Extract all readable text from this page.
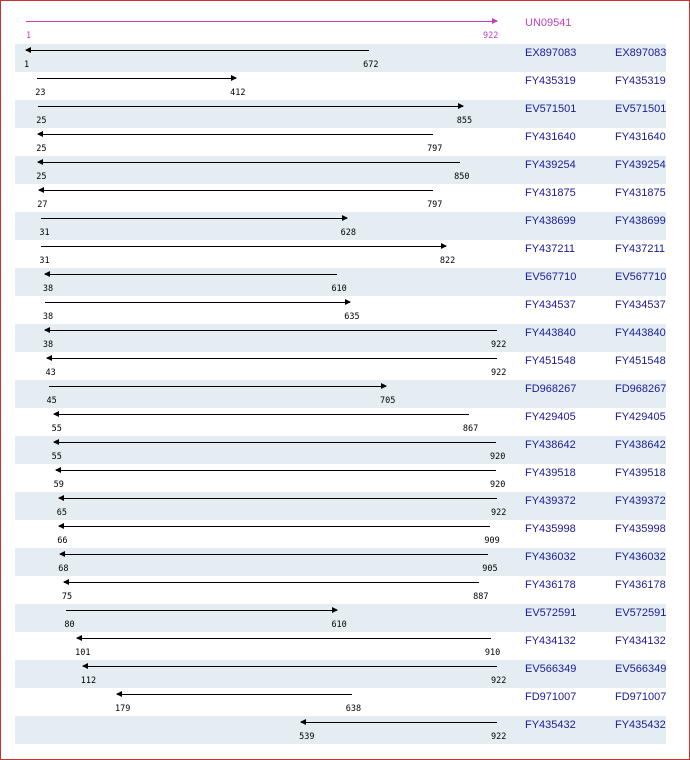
1	922
UN09541
1	672
EX897083	EX897083
23	412
FY435319	FY435319
25	855
EV571501	EV571501
25	797
FY431640	FY431640
25	850
FY439254	FY439254
27	797
FY431875	FY431875
31	628
FY438699	FY438699
31	822
FY437211	FY437211
38	610
EV567710	EV567710
38	635
FY434537	FY434537
38	922
FY443840	FY443840
43	922
FY451548	FY451548
45	705
FD968267	FD968267
55	867
FY429405	FY429405
55	920
FY438642	FY438642
59	920
FY439518	FY439518
65	922
FY439372	FY439372
66	909
FY435998	FY435998
68	905
FY436032	FY436032
75	887
FY436178	FY436178
80	610
EV572591	EV572591
101	910
FY434132	FY434132
112	922
EV566349	EV566349
179	638
FD971007	FD971007
539	922
FY435432	FY435432
